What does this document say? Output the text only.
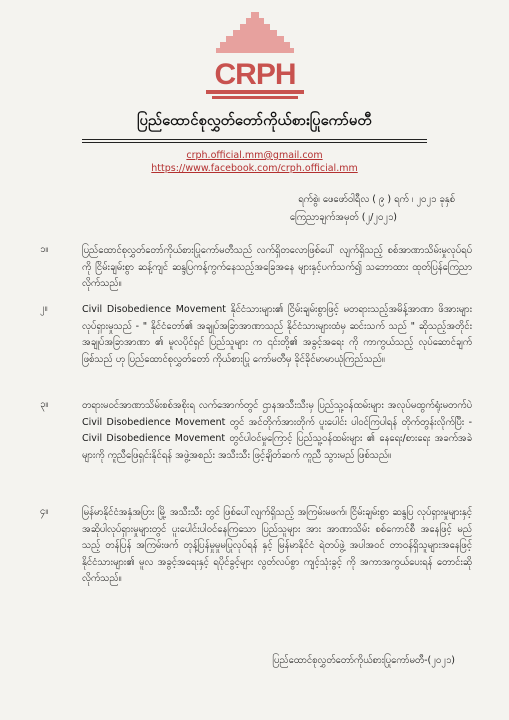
CRPH
ပြည်ထောင်စုလွှတ်တော်ကိုယ်စားပြုကော်မတီ
crph.official.mm@gmail.com
https://www.facebook.com/crph.official.mm
ရက်စွဲ၊ ဖေဖော်ဝါရီလ ( ၉ ) ရက် ၊ ၂၀၂၁ ခုနှစ်
ကြေညာချက်အမှတ် (၂/၂၀၂၁)
၁။	ပြည်ထောင်စုလွှတ်တော်ကိုယ်စားပြုကော်မတီသည် လက်ရှိတလောဖြစ်ပေါ် လျက်ရှိသည့် စစ်အာဏာသိမ်းမှုလုပ်ရပ်ကို ငြိမ်းချမ်းစွာ ဆန့်ကျင် ဆန္ဒပြကန့်ကွက်နေသည့်အခြေအနေ များနှင့်ပက်သက်၍ သဘောထား ထုတ်ပြန်ကြေညာလိုက်သည်။
၂။	Civil Disobedience Movement နိုင်ငံသားများ၏ ငြိမ်းချမ်းစွာဖြင့် မတရားသည့်အမိန့်အာဏာ ဖိအားများ လုပ်ရှားမှုသည် - " နိုင်ငံတော်၏ အချုပ်အခြာအာဏာသည် နိုင်ငံသားများထံမှ ဆင်းသက် သည် " ဆိုသည့်အတိုင်း အချုပ်အခြာအာဏာ ၏ မူလပိုင်ရှင် ပြည်သူများ က ၎င်းတို့၏ အခွင့်အရေး ကို ကာကွယ်သည့် လုပ်ဆောင်ချက်ဖြစ်သည် ဟု ပြည်ထောင်စုလွှတ်တော် ကိုယ်စားပြု ကော်မတီမှ ခိုင်ခိုင်မာမာယုံကြည်သည်။
၃။	တရားမဝင်အာဏာသိမ်းစစ်အစိုးရ လက်အောက်တွင် ဌာနအသီးသီးမှ ပြည်သူ့ဝန်ထမ်းများ အလုပ်မထွက်ရုံးမတက်ပဲ Civil Disobedience Movement တွင် အင်တိုက်အားတိုက် ပူးပေါင်း ပါဝင်ကြပါရန် တိုက်တွန်းလိုက်ပြီး - Civil Disobedience Movement တွင်ပါဝင်မှုကြောင့် ပြည်သူ့ဝန်ထမ်းများ ၏ နေရေး/စားရေး အခက်အခဲများကို ကူညီဖြေရှင်းနိုင်ရန် အဖွဲ့အစည်း အသီးသီး ဖြင့်ချိတ်ဆက် ကူညီ သွားမည် ဖြစ်သည်။
၄။	မြန်မာနိုင်ငံအနှံအပြား မြို့ အသီးသီး တွင် ဖြစ်ပေါ်လျက်ရှိသည့် အကြမ်းမဖက်၊ ငြိမ်းချမ်းစွာ ဆန္ဒပြ လုပ်ရှားမှုများနှင့် အဆိုပါလုပ်ရှားမှုများတွင် ပူးပေါင်းပါဝင်နေကြသော ပြည်သူများ အား အာဏာသိမ်း စစ်ကောင်စီ အနေဖြင့် မည်သည့် တန်ပြန် အကြမ်းဖက် တုန့်ပြန်မှုမှုမပြုလုပ်ရန် နှင့် မြန်မာနိုင်ငံ ရဲတပ်ဖွဲ့ အပါအဝင် တာဝန်ရှိသူများအနေဖြင့် နိုင်ငံသားများ၏ မူလ အခွင့်အရေးနှင့် ရပိုင်ခွင့်များ လွတ်လပ်စွာ ကျင့်သုံးခွင့် ကို အကာအကွယ်ပေးရန် တောင်းဆိုလိုက်သည်။
ပြည်ထောင်စုလွှတ်တော်ကိုယ်စားပြုကော်မတီ-(၂၀၂၁)
